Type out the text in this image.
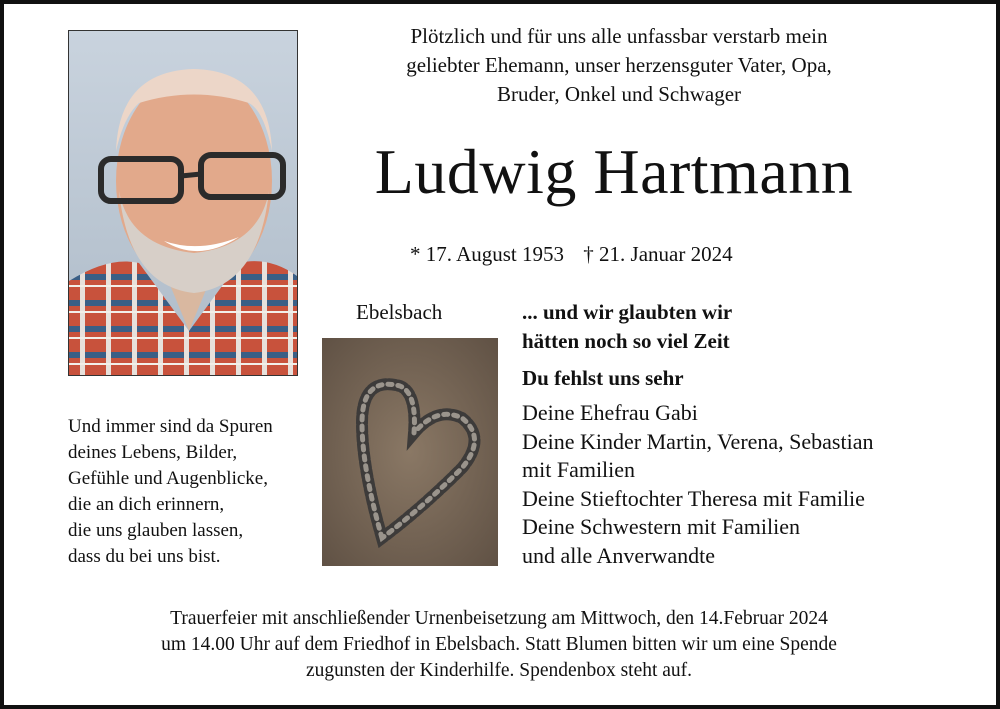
Plötzlich und für uns alle unfassbar verstarb mein
geliebter Ehemann, unser herzensguter Vater, Opa,
Bruder, Onkel und Schwager
Ludwig Hartmann
* 17. August 1953 † 21. Januar 2024
Ebelsbach	... und wir glaubten wir
hätten noch so viel Zeit
Du fehlst uns sehr
Deine Ehefrau Gabi
Deine Kinder Martin, Verena, Sebastian
mit Familien
Deine Stieftochter Theresa mit Familie
Deine Schwestern mit Familien
und alle Anverwandte
Und immer sind da Spuren
deines Lebens, Bilder,
Gefühle und Augenblicke,
die an dich erinnern,
die uns glauben lassen,
dass du bei uns bist.
Trauerfeier mit anschließender Urnenbeisetzung am Mittwoch, den 14.Februar 2024
um 14.00 Uhr auf dem Friedhof in Ebelsbach. Statt Blumen bitten wir um eine Spende
zugunsten der Kinderhilfe. Spendenbox steht auf.
